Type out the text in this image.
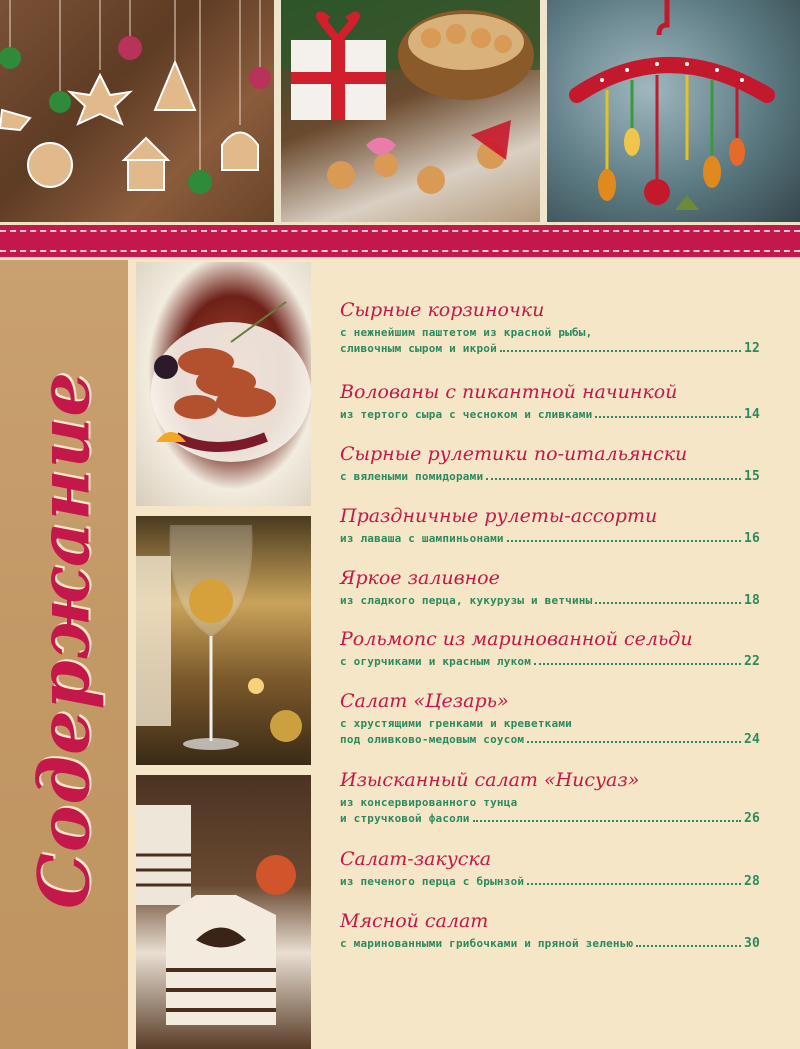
Содержание
Сырные корзиночки
с нежнейшим паштетом из красной рыбы,
сливочным сыром и икрой	12
Волованы с пикантной начинкой
из тертого сыра с чесноком и сливками	14
Сырные рулетики по-итальянски
с вялеными помидорами	15
Праздничные рулеты-ассорти
из лаваша с шампиньонами	16
Яркое заливное
из сладкого перца, кукурузы и ветчины	18
Рольмопс из маринованной сельди
с огурчиками и красным луком	22
Салат «Цезарь»
с хрустящими гренками и креветками
под оливково-медовым соусом	24
Изысканный салат «Нисуаз»
из консервированного тунца
и стручковой фасоли	26
Салат-закуска
из печеного перца с брынзой	28
Мясной салат
с маринованными грибочками и пряной зеленью	30
